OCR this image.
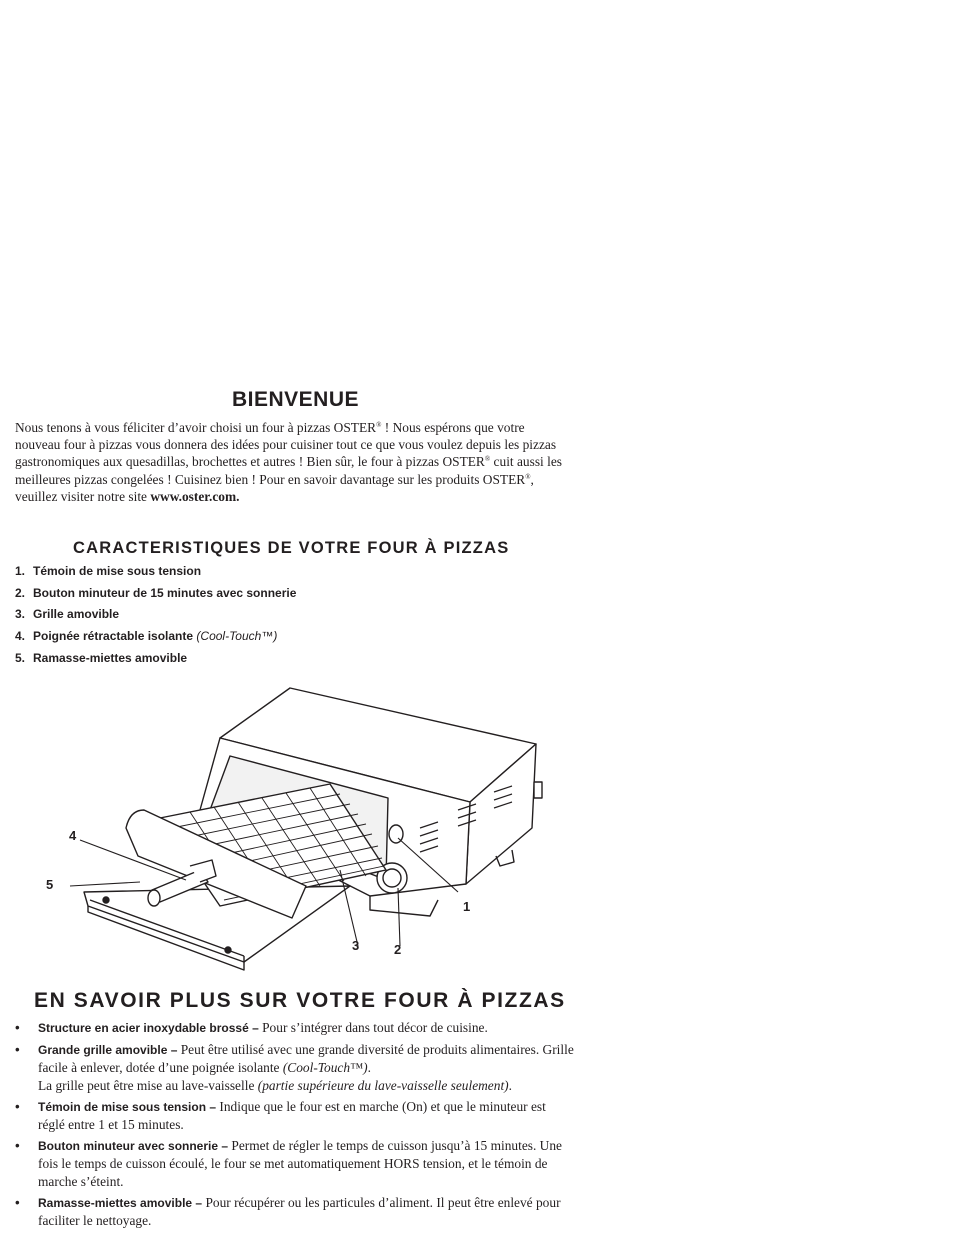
BIENVENUE

Nous tenons à vous féliciter d’avoir choisi un four à pizzas OSTER® ! Nous espérons que votre nouveau four à pizzas vous donnera des idées pour cuisiner tout ce que vous voulez depuis les pizzas gastronomiques aux quesadillas, brochettes et autres ! Bien sûr, le four à pizzas OSTER® cuit aussi les meilleures pizzas congelées ! Cuisinez bien ! Pour en savoir davantage sur les produits OSTER®, veuillez visiter notre site www.oster.com.

CARACTERISTIQUES DE VOTRE FOUR À PIZZAS
1. Témoin de mise sous tension
2. Bouton minuteur de 15 minutes avec sonnerie
3. Grille amovible
4. Poignée rétractable isolante (Cool-Touch™)
5. Ramasse-miettes amovible
4
5
3	2
1
EN SAVOIR PLUS SUR VOTRE FOUR À PIZZAS
• Structure en acier inoxydable brossé – Pour s’intégrer dans tout décor de cuisine.
• Grande grille amovible – Peut être utilisé avec une grande diversité de produits alimentaires. Grille facile à enlever, dotée d’une poignée isolante (Cool-Touch™).
La grille peut être mise au lave-vaisselle (partie supérieure du lave-vaisselle seulement).
• Témoin de mise sous tension – Indique que le four est en marche (On) et que le minuteur est réglé entre 1 et 15 minutes.
• Bouton minuteur avec sonnerie – Permet de régler le temps de cuisson jusqu’à 15 minutes. Une fois le temps de cuisson écoulé, le four se met automatiquement HORS tension, et le témoin de marche s’éteint.
• Ramasse-miettes amovible – Pour récupérer ou les particules d’aliment. Il peut être enlevé pour faciliter le nettoyage.
